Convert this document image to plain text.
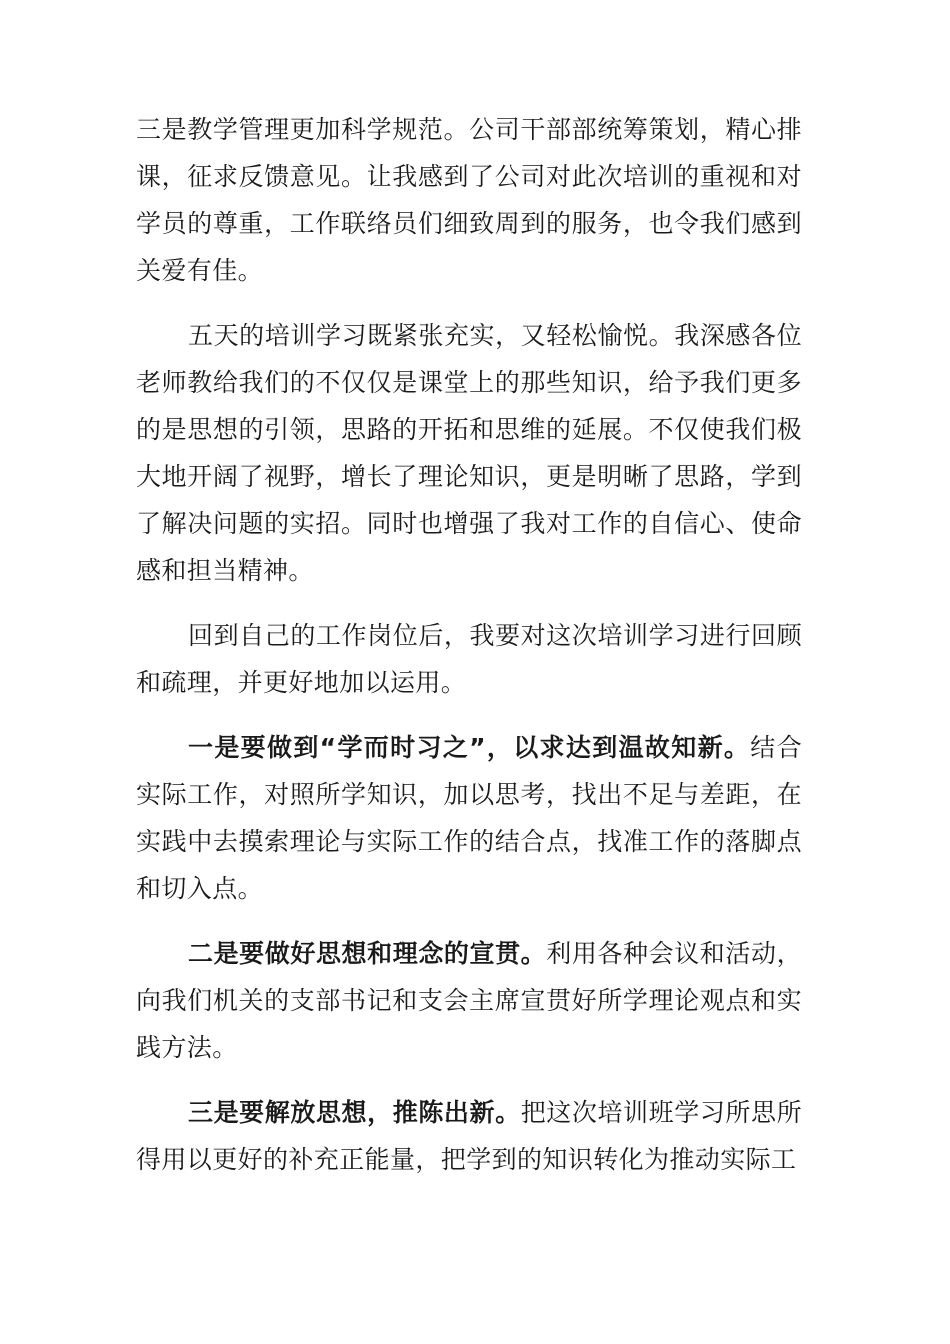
三是教学管理更加科学规范。公司干部部统筹策划，精心排课，征求反馈意见。让我感到了公司对此次培训的重视和对学员的尊重，工作联络员们细致周到的服务，也令我们感到关爱有佳。

五天的培训学习既紧张充实，又轻松愉悦。我深感各位老师教给我们的不仅仅是课堂上的那些知识，给予我们更多的是思想的引领，思路的开拓和思维的延展。不仅使我们极大地开阔了视野，增长了理论知识，更是明晰了思路，学到了解决问题的实招。同时也增强了我对工作的自信心、使命感和担当精神。

回到自己的工作岗位后，我要对这次培训学习进行回顾和疏理，并更好地加以运用。

一是要做到“学而时习之”，以求达到温故知新。结合实际工作，对照所学知识，加以思考，找出不足与差距，在实践中去摸索理论与实际工作的结合点，找准工作的落脚点和切入点。

二是要做好思想和理念的宣贯。利用各种会议和活动，向我们机关的支部书记和支会主席宣贯好所学理论观点和实践方法。

三是要解放思想，推陈出新。把这次培训班学习所思所得用以更好的补充正能量，把学到的知识转化为推动实际工
